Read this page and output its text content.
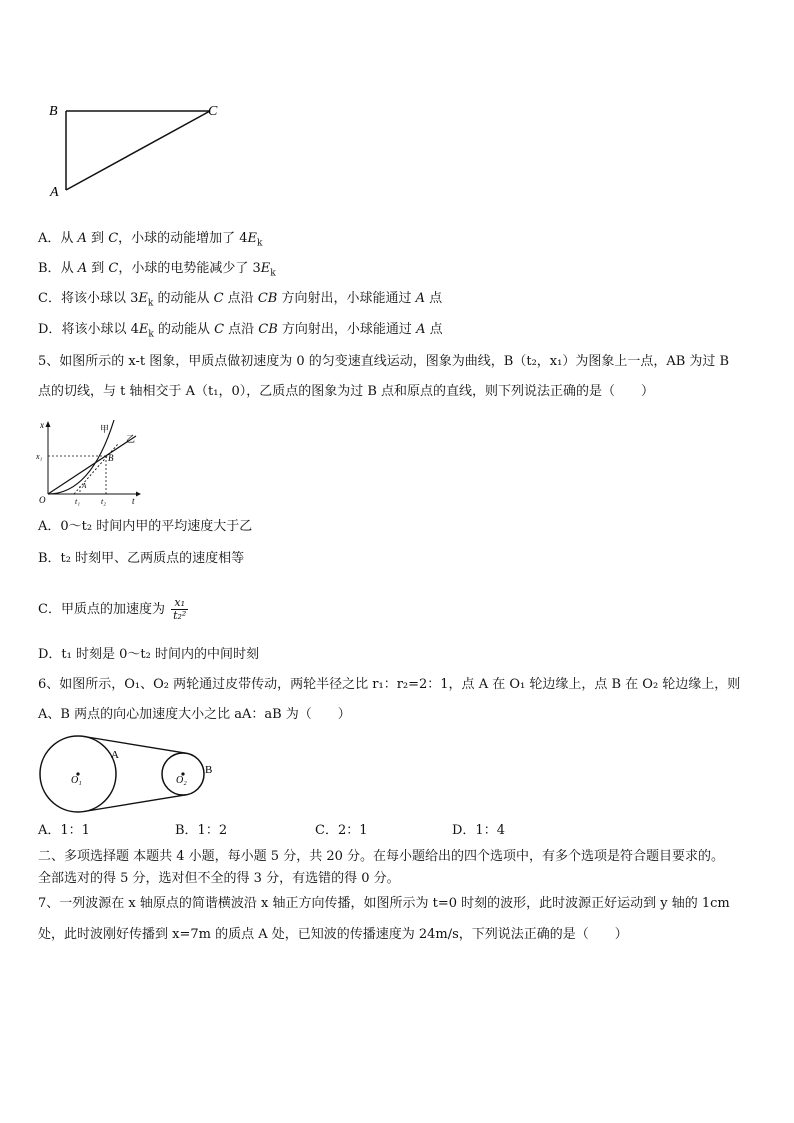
B	C
A
A．从 A 到 C，小球的动能增加了 $4E_k$
B．从 A 到 C，小球的电势能减少了 $3E_k$
C．将该小球以 $3E_k$ 的动能从 C 点沿 CB 方向射出，小球能通过 A 点
D．将该小球以 $4E_k$ 的动能从 C 点沿 CB 方向射出，小球能通过 A 点
5、如图所示的 x-t 图象，甲质点做初速度为 0 的匀变速直线运动，图象为曲线，B（t₂，x₁）为图象上一点，AB 为过 B
点的切线，与 t 轴相交于 A（t₁，0），乙质点的图象为过 B 点和原点的直线，则下列说法正确的是（　　）
x
t
O
x₁
t₁	t₂
甲
乙
B
A
A．0～t₂ 时间内甲的平均速度大于乙
B．t₂ 时刻甲、乙两质点的速度相等
C．甲质点的加速度为 $\frac{\text{x₁}}{\text{t₂²}}$
D．t₁ 时刻是 0～t₂ 时间内的中间时刻
6、如图所示，O₁、O₂ 两轮通过皮带传动，两轮半径之比 r₁：r₂=2：1，点 A 在 O₁ 轮边缘上，点 B 在 O₂ 轮边缘上，则
A、B 两点的向心加速度大小之比 aA：aB 为（　　）
O₁	O₂
A
B
A．1：1	B．1：2	C．2：1	D．1：4
二、多项选择题 本题共 4 小题，每小题 5 分，共 20 分。在每小题给出的四个选项中，有多个选项是符合题目要求的。
全部选对的得 5 分，选对但不全的得 3 分，有选错的得 0 分。
7、一列波源在 x 轴原点的简谐横波沿 x 轴正方向传播，如图所示为 t=0 时刻的波形，此时波源正好运动到 y 轴的 1cm
处，此时波刚好传播到 x=7m 的质点 A 处，已知波的传播速度为 24m/s，下列说法正确的是（　　）
